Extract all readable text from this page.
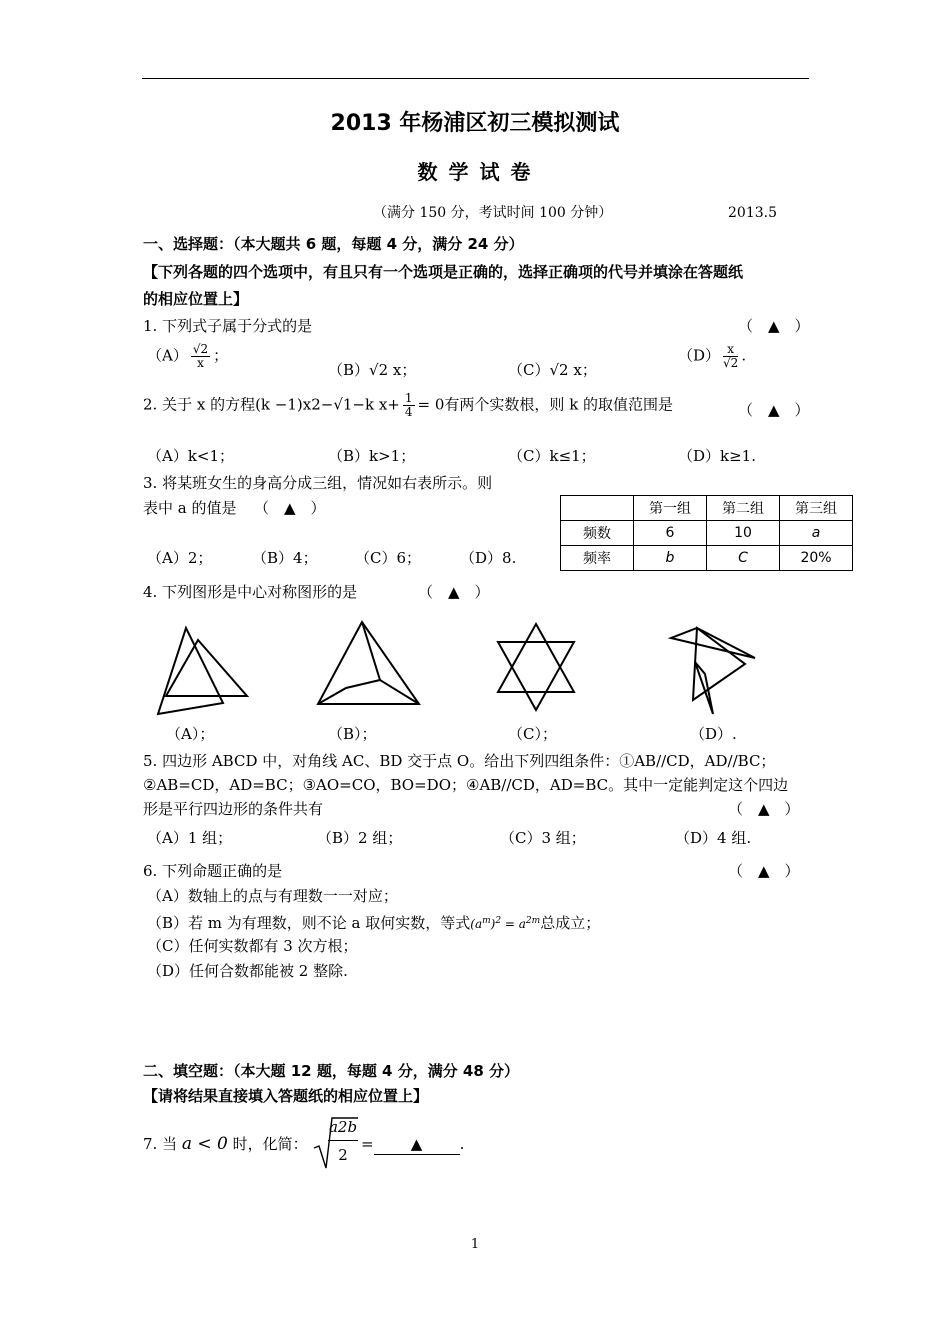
2013 年杨浦区初三模拟测试
数 学 试 卷
（满分 150 分，考试时间 100 分钟）	2013.5
一、选择题：（本大题共 6 题，每题 4 分，满分 24 分）
【下列各题的四个选项中，有且只有一个选项是正确的，选择正确项的代号并填涂在答题纸
的相应位置上】
1. 下列式子属于分式的是	（　▲　）
$(A) \frac{√2}{x}$ ；
（B）√2 x；	（C）√2 x；
$(D) \frac{x}{√2}$ .
2. 关于 x 的方程(k −1)x2−√1−k $x+ \frac{1}{4} = 0$有两个实数根，则 k 的取值范围是	（　▲　）
（A）k<1；	（B）k>1；	（C）k≤1；	（D）k≥1.
3. 将某班女生的身高分成三组，情况如右表所示。则
表中 a 的值是 （　▲　）
（A）2；	（B）4； （C）6；	（D）8.
	第一组	第二组	第三组
频数	6	10	a
频率	b	C	20%
4. 下列图形是中心对称图形的是	（　▲　）
（A）；	（B）；	（C）；	（D）.
5. 四边形 ABCD 中，对角线 AC、BD 交于点 O。给出下列四组条件：①AB//CD，AD//BC；
②AB=CD，AD=BC；③AO=CO，BO=DO；④AB//CD，AD=BC。其中一定能判定这个四边
形是平行四边形的条件共有	（　▲　）
（A）1 组；	（B）2 组；	（C）3 组；	（D）4 组.
6. 下列命题正确的是	（　▲　）
（A）数轴上的点与有理数一一对应；
（B）若 m 为有理数，则不论 a 取何实数，等式$(a^m)^2 = a^{2m}$总成立；
（C）任何实数都有 3 次方根；
（D）任何合数都能被 2 整除.
二、填空题：（本大题 12 题，每题 4 分，满分 48 分）
【请将结果直接填入答题纸的相应位置上】
7. 当 a < 0 时，化简：
a2b
2
= ▲ .
1
